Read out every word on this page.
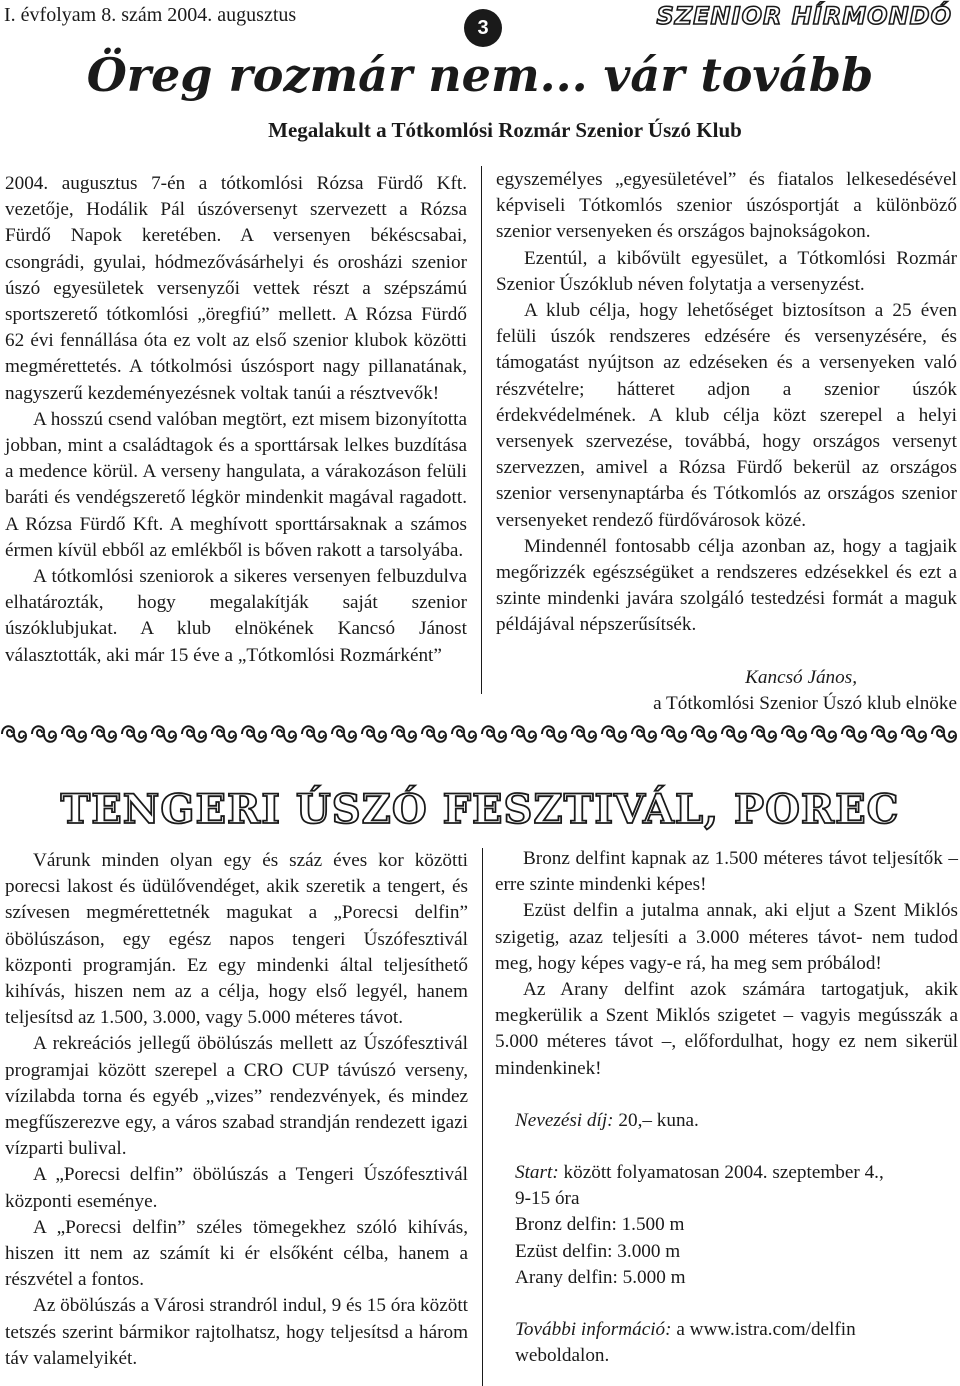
I. évfolyam 8. szám 2004. augusztus
3	SZENIOR HÍRMONDÓ
Öreg rozmár nem... vár tovább
Megalakult a Tótkomlósi Rozmár Szenior Úszó Klub

2004. augusztus 7-én a tótkomlósi Rózsa Fürdő Kft. vezetője, Hodálik Pál úszóversenyt szervezett a Rózsa Fürdő Napok keretében. A versenyen békéscsabai, csongrádi, gyulai, hódmezővásárhelyi és orosházi szenior úszó egyesületek versenyzői vettek részt a szépszámú sportszerető tótkomlósi „öregfiú” mellett. A Rózsa Fürdő 62 évi fennállása óta ez volt az első szenior klubok közötti megmérettetés. A tótkolmósi úszósport nagy pillanatának, nagyszerű kezdeményezésnek voltak tanúi a résztvevők!

A hosszú csend valóban megtört, ezt misem bizonyította jobban, mint a családtagok és a sporttársak lelkes buzdítása a medence körül. A verseny hangulata, a várakozáson felüli baráti és vendégszerető légkör mindenkit magával ragadott. A Rózsa Fürdő Kft. A meghívott sporttársaknak a számos érmen kívül ebből az emlékből is bőven rakott a tarsolyába.

A tótkomlósi szeniorok a sikeres versenyen felbuzdulva elhatározták, hogy megalakítják saját szenior úszóklubjukat. A klub elnökének Kancsó Jánost választották, aki már 15 éve a „Tótkomlósi Rozmárként”

egyszemélyes „egyesületével” és fiatalos lelkesedésével képviseli Tótkomlós szenior úszósportját a különböző szenior versenyeken és országos bajnokságokon.

Ezentúl, a kibővült egyesület, a Tótkomlósi Rozmár Szenior Úszóklub néven folytatja a versenyzést.

A klub célja, hogy lehetőséget biztosítson a 25 éven felüli úszók rendszeres edzésére és versenyzésére, és támogatást nyújtson az edzéseken és a versenyeken való részvételre; hátteret adjon a szenior úszók érdekvédelmének. A klub célja közt szerepel a helyi versenyek szervezése, továbbá, hogy országos versenyt szervezzen, amivel a Rózsa Fürdő bekerül az országos szenior versenynaptárba és Tótkomlós az országos szenior versenyeket rendező fürdővárosok közé.

Mindennél fontosabb célja azonban az, hogy a tagjaik megőrizzék egészségüket a rendszeres edzésekkel és ezt a szinte mindenki javára szolgáló testedzési formát a maguk példájával népszerűsítsék.

Kancsó János,

a Tótkomlósi Szenior Úszó klub elnöke

TENGERI ÚSZÓ FESZTIVÁL, POREC

Várunk minden olyan egy és száz éves kor közötti porecsi lakost és üdülővendéget, akik szeretik a tengert, és szívesen megmérettetnék magukat a „Porecsi delfin” öbölúszáson, egy egész napos tengeri Úszófesztivál központi programján. Ez egy mindenki által teljesíthető kihívás, hiszen nem az a célja, hogy első legyél, hanem teljesítsd az 1.500, 3.000, vagy 5.000 méteres távot.

A rekreációs jellegű öbölúszás mellett az Úszófesztivál programjai között szerepel a CRO CUP távúszó verseny, vízilabda torna és egyéb „vizes” rendezvények, és mindez megfűszerezve egy, a város szabad strandján rendezett igazi vízparti bulival.

A „Porecsi delfin” öbölúszás a Tengeri Úszófesztivál központi eseménye.

A „Porecsi delfin” széles tömegekhez szóló kihívás, hiszen itt nem az számít ki ér elsőként célba, hanem a részvétel a fontos.

Az öbölúszás a Városi strandról indul, 9 és 15 óra között tetszés szerint bármikor rajtolhatsz, hogy teljesítsd a három táv valamelyikét.

Bronz delfint kapnak az 1.500 méteres távot teljesítők – erre szinte mindenki képes!

Ezüst delfin a jutalma annak, aki eljut a Szent Miklós szigetig, azaz teljesíti a 3.000 méteres távot- nem tudod meg, hogy képes vagy-e rá, ha meg sem próbálod!

Az Arany delfint azok számára tartogatjuk, akik megkerülik a Szent Miklós szigetet – vagyis megússzák a 5.000 méteres távot –, előfordulhat, hogy ez nem sikerül mindenkinek!

Nevezési díj: 20,– kuna.

Start: között folyamatosan 2004. szeptember 4.,

9-15 óra

Bronz delfin: 1.500 m

Ezüst delfin: 3.000 m

Arany delfin: 5.000 m

További információ: a www.istra.com/delfin

weboldalon.
